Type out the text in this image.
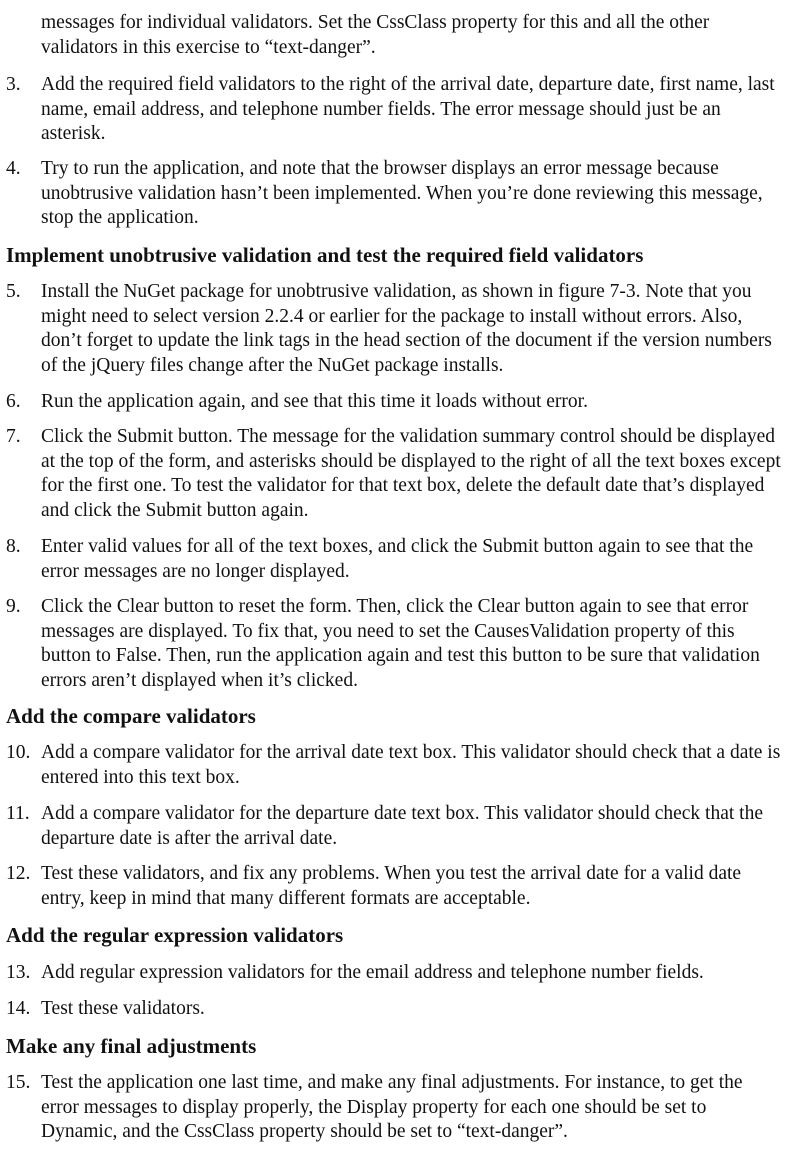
messages for individual validators. Set the CssClass property for this and all the other validators in this exercise to “text-danger”.
3.	Add the required field validators to the right of the arrival date, departure date, first name, last name, email address, and telephone number fields. The error message should just be an asterisk.
4.	Try to run the application, and note that the browser displays an error message because unobtrusive validation hasn’t been implemented. When you’re done reviewing this message, stop the application.
Implement unobtrusive validation and test the required field validators
5.	Install the NuGet package for unobtrusive validation, as shown in figure 7-3. Note that you might need to select version 2.2.4 or earlier for the package to install without errors. Also, don’t forget to update the link tags in the head section of the document if the version numbers of the jQuery files change after the NuGet package installs.
6.	Run the application again, and see that this time it loads without error.
7.	Click the Submit button. The message for the validation summary control should be displayed at the top of the form, and asterisks should be displayed to the right of all the text boxes except for the first one. To test the validator for that text box, delete the default date that’s displayed and click the Submit button again.
8.	Enter valid values for all of the text boxes, and click the Submit button again to see that the error messages are no longer displayed.
9.	Click the Clear button to reset the form. Then, click the Clear button again to see that error messages are displayed. To fix that, you need to set the CausesValidation property of this button to False. Then, run the application again and test this button to be sure that validation errors aren’t displayed when it’s clicked.
Add the compare validators
10. Add a compare validator for the arrival date text box. This validator should check that a date is entered into this text box.
11. Add a compare validator for the departure date text box. This validator should check that the departure date is after the arrival date.
12. Test these validators, and fix any problems. When you test the arrival date for a valid date entry, keep in mind that many different formats are acceptable.
Add the regular expression validators
13. Add regular expression validators for the email address and telephone number fields.
14. Test these validators.
Make any final adjustments
15. Test the application one last time, and make any final adjustments. For instance, to get the error messages to display properly, the Display property for each one should be set to Dynamic, and the CssClass property should be set to “text-danger”.
